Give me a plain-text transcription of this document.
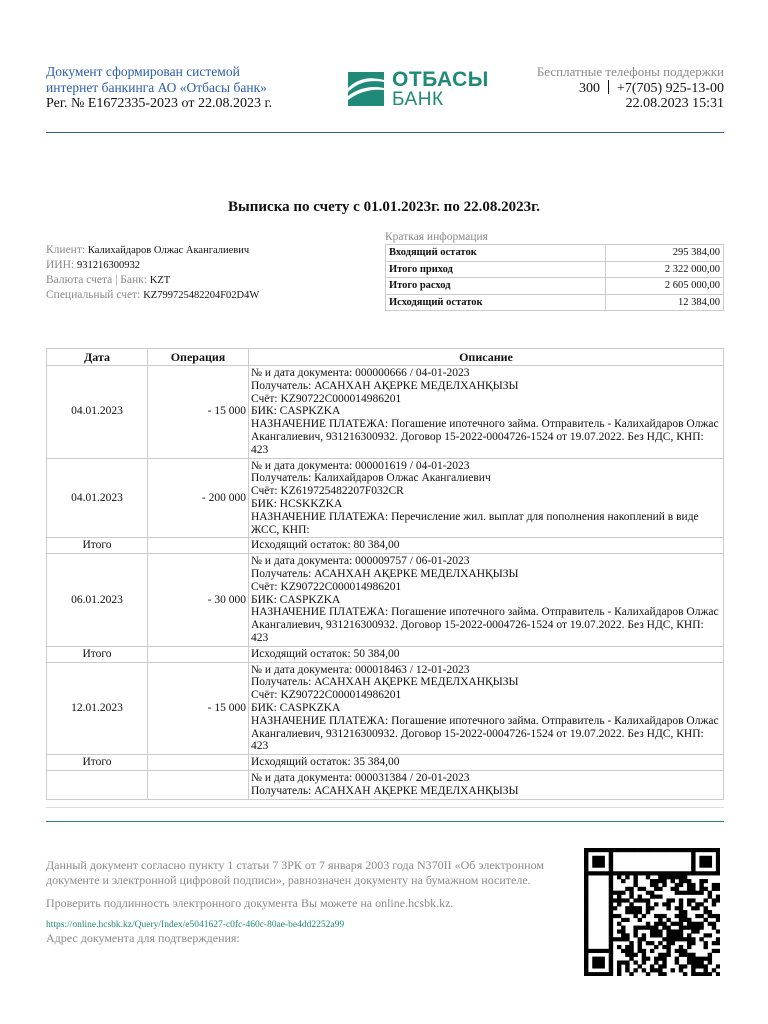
Документ сформирован системой
интернет банкинга АО «Отбасы банк»
Рег. № E1672335-2023 от 22.08.2023 г.
ОТБАСЫ
БАНК
Бесплатные телефоны поддержки
300 +7(705) 925-13-00
22.08.2023 15:31
Выписка по счету с 01.01.2023г. по 22.08.2023г.
Клиент: Калихайдаров Олжас Акангалиевич
ИИН: 931216300932
Валюта счета | Банк: KZT
Специальный счет: KZ799725482204F02D4W
Краткая информация
Входящий остаток	295 384,00
Итого приход	2 322 000,00
Итого расход	2 605 000,00
Исходящий остаток	12 384,00
Дата	Операция	Описание
04.01.2023	- 15 000	№ и дата документа: 000000666 / 04-01-2023
Получатель: АСАНХАН АҚЕРКЕ МЕДЕЛХАНҚЫЗЫ
Счёт: KZ90722C000014986201
БИК: CASPKZKA
НАЗНАЧЕНИЕ ПЛАТЕЖА: Погашение ипотечного займа. Отправитель - Калихайдаров Олжас Акангалиевич, 931216300932. Договор 15-2022-0004726-1524 от 19.07.2022. Без НДС, КНП: 423

04.01.2023	- 200 000	№ и дата документа: 000001619 / 04-01-2023
Получатель: Калихайдаров Олжас Акангалиевич
Счёт: KZ619725482207F032CR
БИК: HCSKKZKA
НАЗНАЧЕНИЕ ПЛАТЕЖА: Перечисление жил. выплат для пополнения накоплений в виде ЖСС, КНП:

Итого		Исходящий остаток: 80 384,00

06.01.2023	- 30 000	№ и дата документа: 000009757 / 06-01-2023
Получатель: АСАНХАН АҚЕРКЕ МЕДЕЛХАНҚЫЗЫ
Счёт: KZ90722C000014986201
БИК: CASPKZKA
НАЗНАЧЕНИЕ ПЛАТЕЖА: Погашение ипотечного займа. Отправитель - Калихайдаров Олжас Акангалиевич, 931216300932. Договор 15-2022-0004726-1524 от 19.07.2022. Без НДС, КНП: 423

Итого		Исходящий остаток: 50 384,00

12.01.2023	- 15 000	№ и дата документа: 000018463 / 12-01-2023
Получатель: АСАНХАН АҚЕРКЕ МЕДЕЛХАНҚЫЗЫ
Счёт: KZ90722C000014986201
БИК: CASPKZKA
НАЗНАЧЕНИЕ ПЛАТЕЖА: Погашение ипотечного займа. Отправитель - Калихайдаров Олжас Акангалиевич, 931216300932. Договор 15-2022-0004726-1524 от 19.07.2022. Без НДС, КНП: 423

Итого		Исходящий остаток: 35 384,00

		№ и дата документа: 000031384 / 20-01-2023
Получатель: АСАНХАН АҚЕРКЕ МЕДЕЛХАНҚЫЗЫ

Данный документ согласно пункту 1 статьи 7 ЗРК от 7 января 2003 года N370II «Об электронном документе и электронной цифровой подписи», равнозначен документу на бумажном носителе.

Проверить подлинность электронного документа Вы можете на online.hcsbk.kz.

https://online.hcsbk.kz/Query/Index/e5041627-c0fc-460c-80ae-be4dd2252a99

Адрес документа для подтверждения:
